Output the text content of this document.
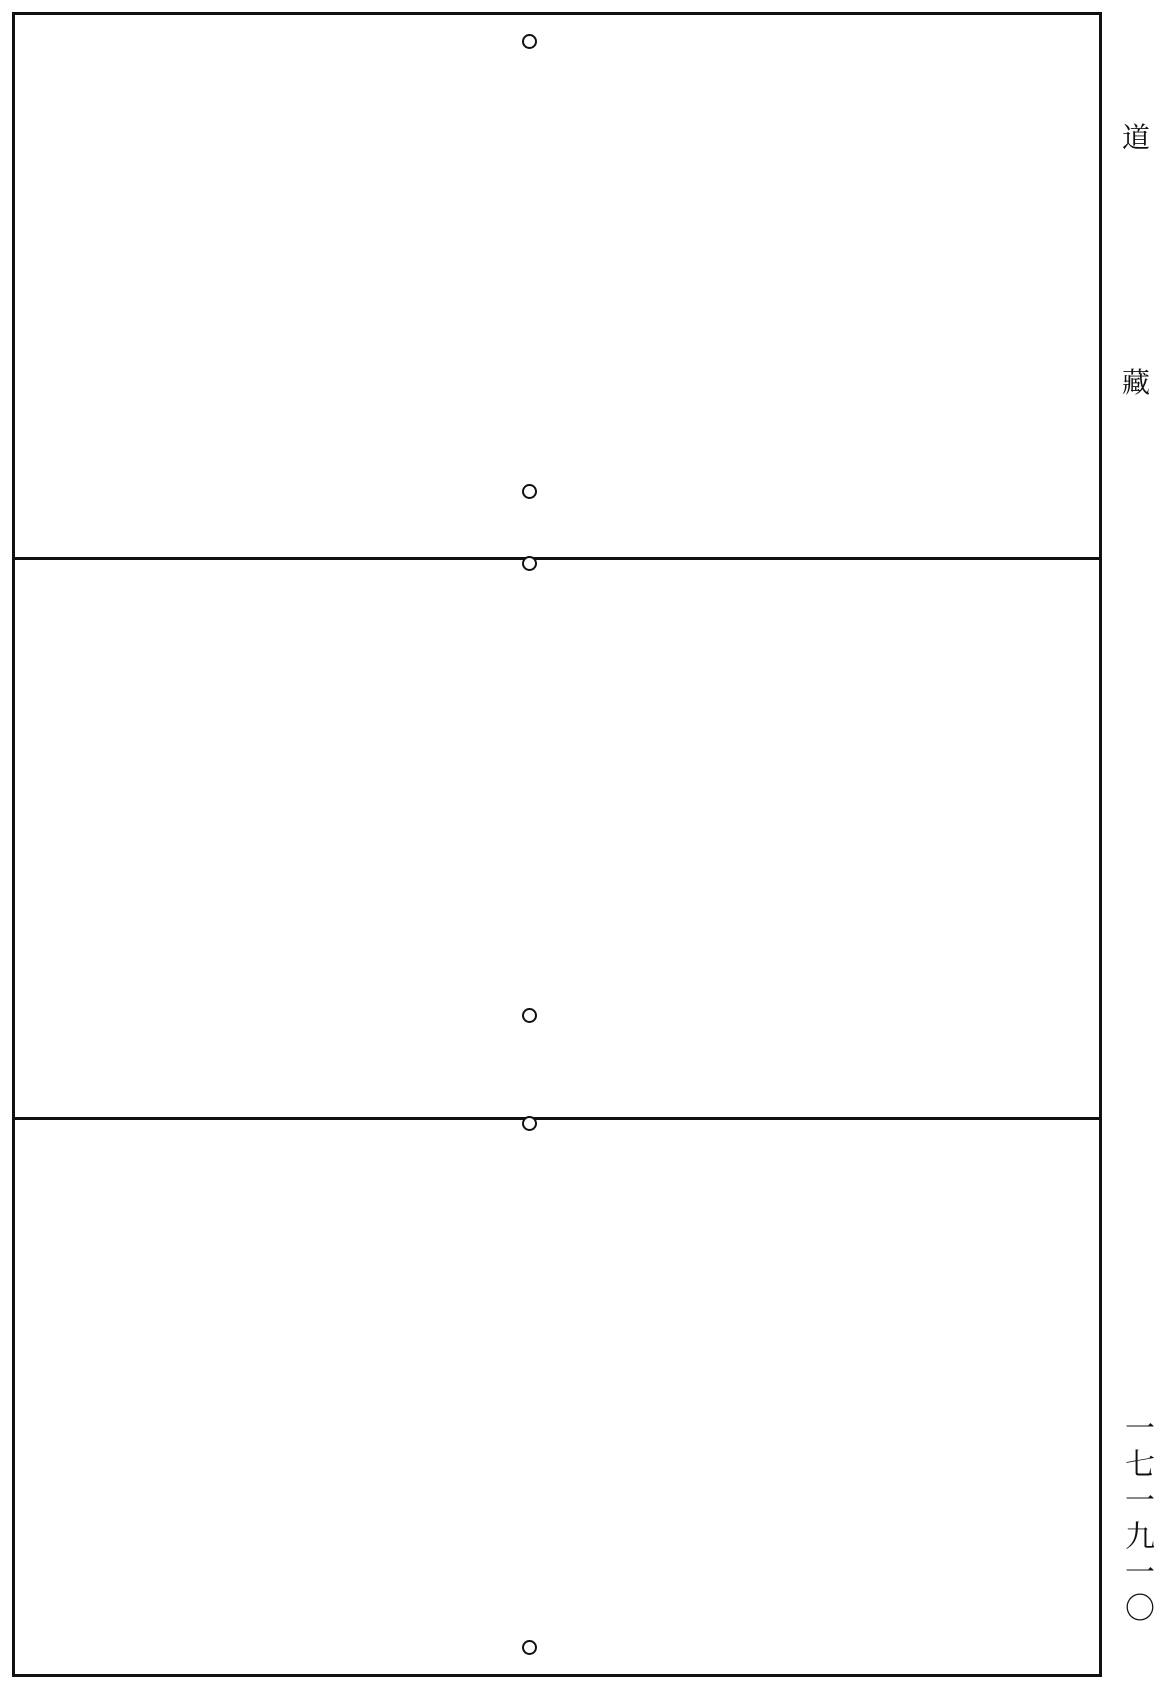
道
藏
一七一九一〇
